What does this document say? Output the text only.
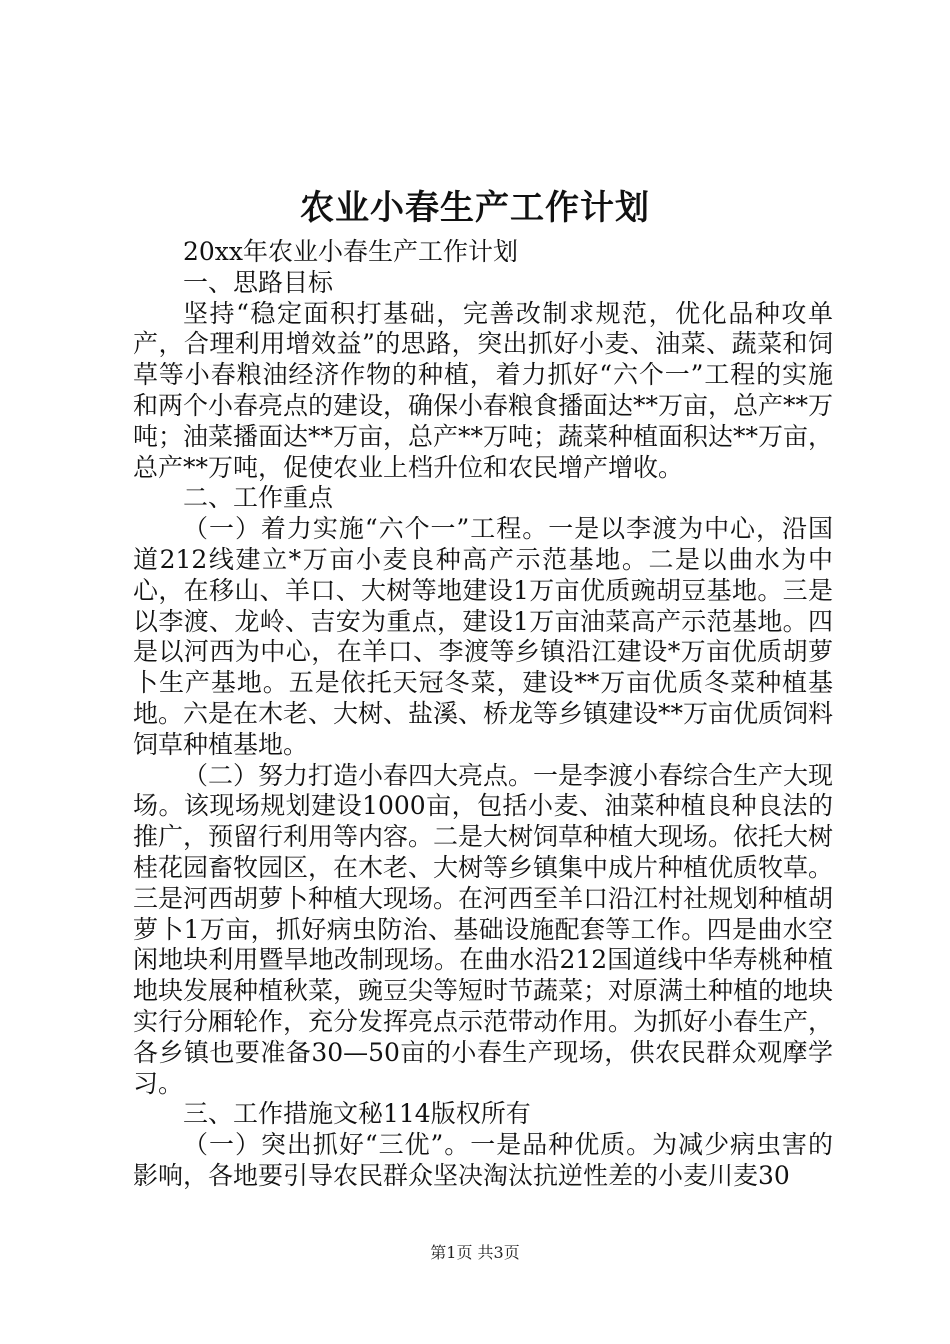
农业小春生产工作计划

20xx年农业小春生产工作计划

一、思路目标

坚持“稳定面积打基础，完善改制求规范，优化品种攻单产，合理利用增效益”的思路，突出抓好小麦、油菜、蔬菜和饲草等小春粮油经济作物的种植，着力抓好“六个一”工程的实施和两个小春亮点的建设，确保小春粮食播面达**万亩，总产**万吨；油菜播面达**万亩，总产**万吨；蔬菜种植面积达**万亩，总产**万吨，促使农业上档升位和农民增产增收。

二、工作重点

（一）着力实施“六个一”工程。一是以李渡为中心，沿国道212线建立*万亩小麦良种高产示范基地。二是以曲水为中心，在移山、羊口、大树等地建设1万亩优质豌胡豆基地。三是以李渡、龙岭、吉安为重点，建设1万亩油菜高产示范基地。四是以河西为中心，在羊口、李渡等乡镇沿江建设*万亩优质胡萝卜生产基地。五是依托天冠冬菜，建设**万亩优质冬菜种植基地。六是在木老、大树、盐溪、桥龙等乡镇建设**万亩优质饲料饲草种植基地。

（二）努力打造小春四大亮点。一是李渡小春综合生产大现场。该现场规划建设1000亩，包括小麦、油菜种植良种良法的推广，预留行利用等内容。二是大树饲草种植大现场。依托大树桂花园畜牧园区，在木老、大树等乡镇集中成片种植优质牧草。三是河西胡萝卜种植大现场。在河西至羊口沿江村社规划种植胡萝卜1万亩，抓好病虫防治、基础设施配套等工作。四是曲水空闲地块利用暨旱地改制现场。在曲水沿212国道线中华寿桃种植地块发展种植秋菜，豌豆尖等短时节蔬菜；对原满土种植的地块实行分厢轮作，充分发挥亮点示范带动作用。为抓好小春生产，各乡镇也要准备30—50亩的小春生产现场，供农民群众观摩学习。

三、工作措施文秘114版权所有

（一）突出抓好“三优”。一是品种优质。为减少病虫害的影响，各地要引导农民群众坚决淘汰抗逆性差的小麦川麦30

第1页 共3页
